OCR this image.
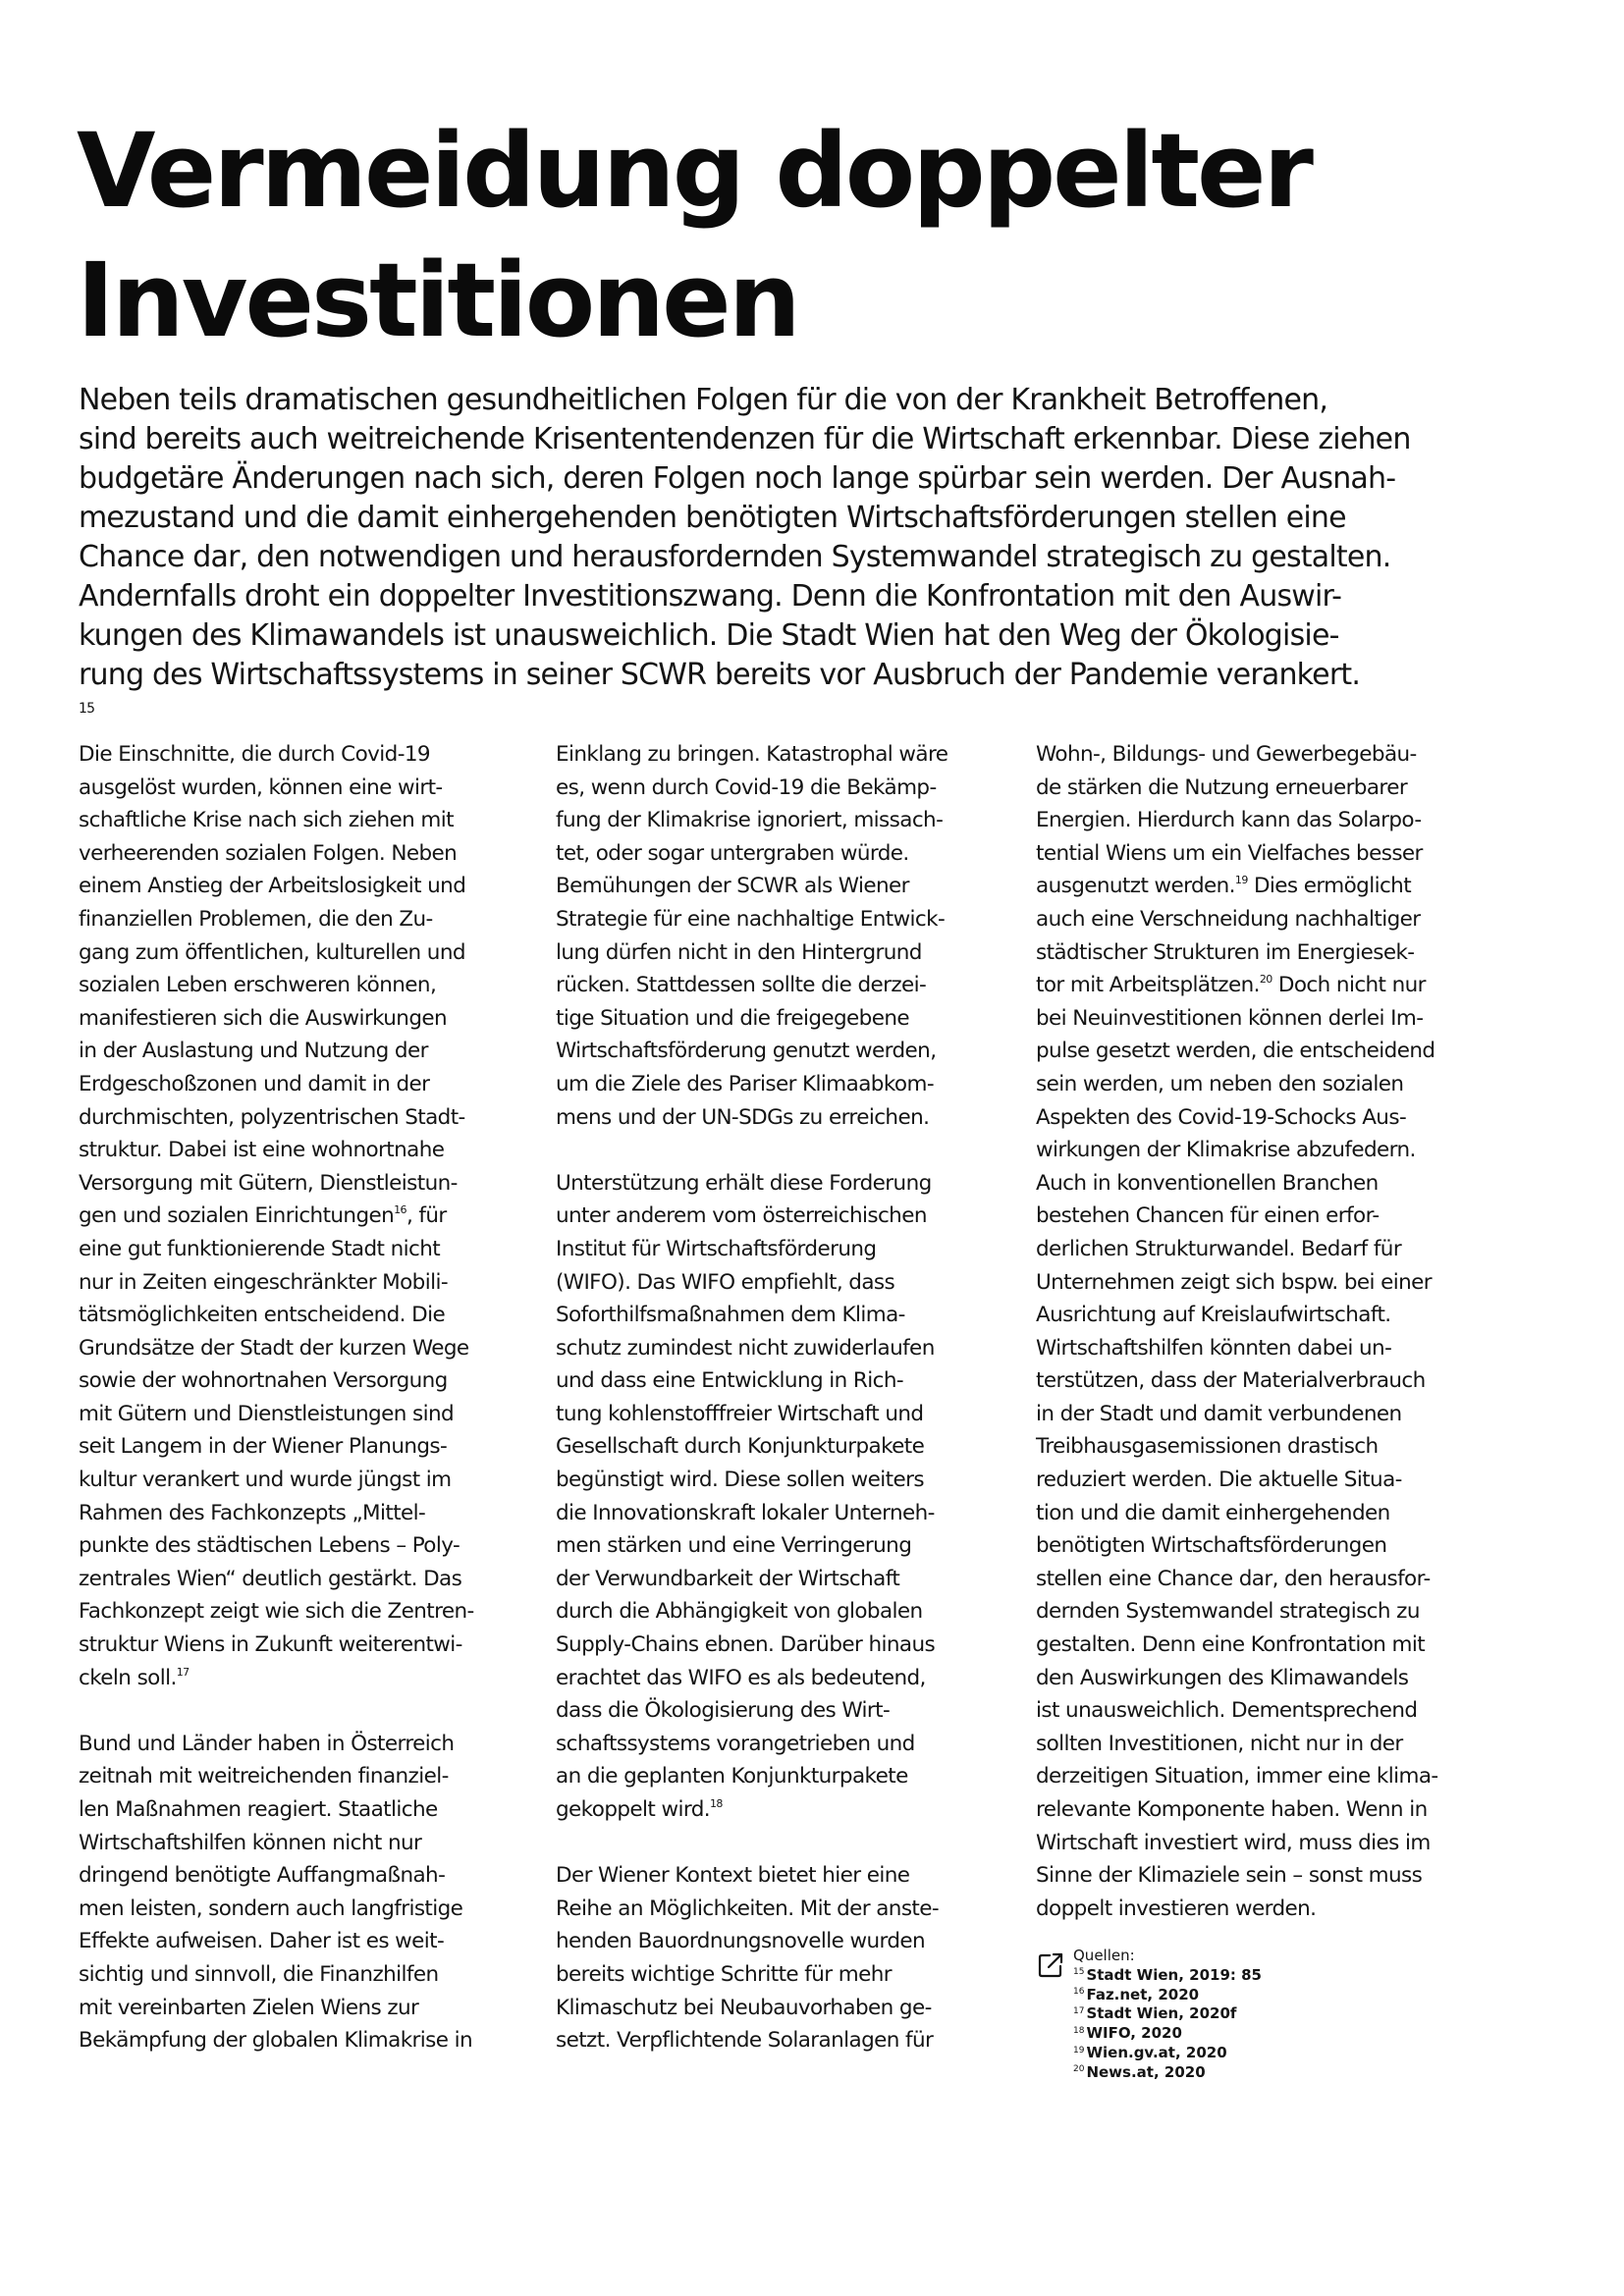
Vermeidung doppelter
Investitionen
Neben teils dramatischen gesundheitlichen Folgen für die von der Krankheit Betroffenen,
sind bereits auch weitreichende Krisententendenzen für die Wirtschaft erkennbar. Diese ziehen
budgetäre Änderungen nach sich, deren Folgen noch lange spürbar sein werden. Der Ausnah-
mezustand und die damit einhergehenden benötigten Wirtschaftsförderungen stellen eine
Chance dar, den notwendigen und herausfordernden Systemwandel strategisch zu gestalten.
Andernfalls droht ein doppelter Investitionszwang. Denn die Konfrontation mit den Auswir-
kungen des Klimawandels ist unausweichlich. Die Stadt Wien hat den Weg der Ökologisie-
rung des Wirtschaftssystems in seiner SCWR bereits vor Ausbruch der Pandemie verankert.
$^{15}$
Die Einschnitte, die durch Covid-19
ausgelöst wurden, können eine wirt-
schaftliche Krise nach sich ziehen mit
verheerenden sozialen Folgen. Neben
einem Anstieg der Arbeitslosigkeit und
finanziellen Problemen, die den Zu-
gang zum öffentlichen, kulturellen und
sozialen Leben erschweren können,
manifestieren sich die Auswirkungen
in der Auslastung und Nutzung der
Erdgeschoßzonen und damit in der
durchmischten, polyzentrischen Stadt-
struktur. Dabei ist eine wohnortnahe
Versorgung mit Gütern, Dienstleistun-
gen und sozialen Einrichtungen$^{16}$, für
eine gut funktionierende Stadt nicht
nur in Zeiten eingeschränkter Mobili-
tätsmöglichkeiten entscheidend. Die
Grundsätze der Stadt der kurzen Wege
sowie der wohnortnahen Versorgung
mit Gütern und Dienstleistungen sind
seit Langem in der Wiener Planungs-
kultur verankert und wurde jüngst im
Rahmen des Fachkonzepts „Mittel-
punkte des städtischen Lebens – Poly-
zentrales Wien“ deutlich gestärkt. Das
Fachkonzept zeigt wie sich die Zentren-
struktur Wiens in Zukunft weiterentwi-
ckeln soll.$^{17}$
Bund und Länder haben in Österreich
zeitnah mit weitreichenden finanziel-
len Maßnahmen reagiert. Staatliche
Wirtschaftshilfen können nicht nur
dringend benötigte Auffangmaßnah-
men leisten, sondern auch langfristige
Effekte aufweisen. Daher ist es weit-
sichtig und sinnvoll, die Finanzhilfen
mit vereinbarten Zielen Wiens zur
Bekämpfung der globalen Klimakrise in
Einklang zu bringen. Katastrophal wäre
es, wenn durch Covid-19 die Bekämp-
fung der Klimakrise ignoriert, missach-
tet, oder sogar untergraben würde.
Bemühungen der SCWR als Wiener
Strategie für eine nachhaltige Entwick-
lung dürfen nicht in den Hintergrund
rücken. Stattdessen sollte die derzei-
tige Situation und die freigegebene
Wirtschaftsförderung genutzt werden,
um die Ziele des Pariser Klimaabkom-
mens und der UN-SDGs zu erreichen.
Unterstützung erhält diese Forderung
unter anderem vom österreichischen
Institut für Wirtschaftsförderung
(WIFO). Das WIFO empfiehlt, dass
Soforthilfsmaßnahmen dem Klima-
schutz zumindest nicht zuwiderlaufen
und dass eine Entwicklung in Rich-
tung kohlenstofffreier Wirtschaft und
Gesellschaft durch Konjunkturpakete
begünstigt wird. Diese sollen weiters
die Innovationskraft lokaler Unterneh-
men stärken und eine Verringerung
der Verwundbarkeit der Wirtschaft
durch die Abhängigkeit von globalen
Supply-Chains ebnen. Darüber hinaus
erachtet das WIFO es als bedeutend,
dass die Ökologisierung des Wirt-
schaftssystems vorangetrieben und
an die geplanten Konjunkturpakete
gekoppelt wird.$^{18}$
Der Wiener Kontext bietet hier eine
Reihe an Möglichkeiten. Mit der anste-
henden Bauordnungsnovelle wurden
bereits wichtige Schritte für mehr
Klimaschutz bei Neubauvorhaben ge-
setzt. Verpflichtende Solaranlagen für
Wohn-, Bildungs- und Gewerbegebäu-
de stärken die Nutzung erneuerbarer
Energien. Hierdurch kann das Solarpo-
tential Wiens um ein Vielfaches besser
ausgenutzt werden.$^{19}$ Dies ermöglicht
auch eine Verschneidung nachhaltiger
städtischer Strukturen im Energiesek-
tor mit Arbeitsplätzen.$^{20}$ Doch nicht nur
bei Neuinvestitionen können derlei Im-
pulse gesetzt werden, die entscheidend
sein werden, um neben den sozialen
Aspekten des Covid-19-Schocks Aus-
wirkungen der Klimakrise abzufedern.
Auch in konventionellen Branchen
bestehen Chancen für einen erfor-
derlichen Strukturwandel. Bedarf für
Unternehmen zeigt sich bspw. bei einer
Ausrichtung auf Kreislaufwirtschaft.
Wirtschaftshilfen könnten dabei un-
terstützen, dass der Materialverbrauch
in der Stadt und damit verbundenen
Treibhausgasemissionen drastisch
reduziert werden. Die aktuelle Situa-
tion und die damit einhergehenden
benötigten Wirtschaftsförderungen
stellen eine Chance dar, den herausfor-
dernden Systemwandel strategisch zu
gestalten. Denn eine Konfrontation mit
den Auswirkungen des Klimawandels
ist unausweichlich. Dementsprechend
sollten Investitionen, nicht nur in der
derzeitigen Situation, immer eine klima-
relevante Komponente haben. Wenn in
Wirtschaft investiert wird, muss dies im
Sinne der Klimaziele sein – sonst muss
doppelt investieren werden.
Quellen:
$^{15}$ Stadt Wien, 2019: 85
$^{16}$ Faz.net, 2020
$^{17}$ Stadt Wien, 2020f
$^{18}$ WIFO, 2020
$^{19}$ Wien.gv.at, 2020
$^{20}$ News.at, 2020
